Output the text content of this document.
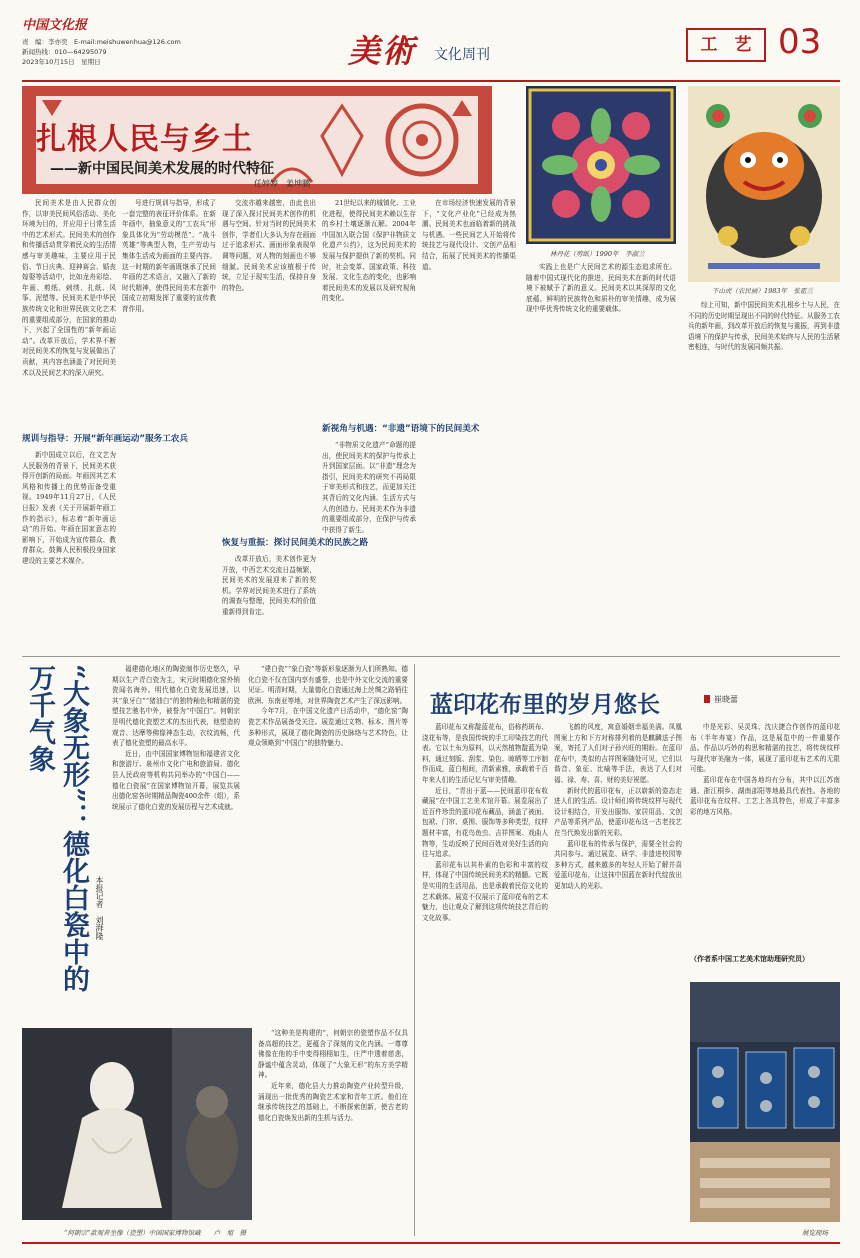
中国文化报
责　编：李亦奕　E-mail:meishuwenhua@126.com
新闻热线：010—64295079
2023年10月15日　星期日	美術 文化周刊	工　艺 03
扎根人民与乡土
——新中国民间美术发展的时代特征
任婷婷　姜坤鹏
林丹花（剪纸）1990年　李淑兰
下山虎（农民画）1983年　张霍兰

民间美术是由人民群众创作，以审美民间风俗活动、美化环境为目的，并应用于日常生活中的艺术形式。民间美术的创作和传播活动贯穿着民众的生活情感与审美趣味，主要应用于民俗、节日庆典、迎神赛会、婚丧嫁娶等活动中，比如龙舟彩绘、年画、剪纸、刺绣、扎纸、风筝、泥塑等。民间美术是中华民族传统文化和世界民族文化艺术的重要组成部分，在国家的推动下，兴起了全国性的“新年画运动”。改革开放后，学术界不断对民间美术的恢复与发展做出了贡献，其内容也涵盖了对民间美术以及民间艺术的深入研究。

规训与指导：开展“新年画运动”服务工农兵

新中国成立以后，在文艺为人民服务的背景下，民间美术获得开创新的局面。年画因其艺术风格和传播上的优势而备受重视。1949年11月27日，《人民日报》发表《关于开展新年画工作的指示》，标志着“新年画运动”的开始。年画在国家意志的影响下，开始成为宣传群众、教育群众、鼓舞人民积极投身国家建设的主要艺术媒介。

号进行规训与指导，形成了一套完整的表征评价体系。在新年画中，抽象意义的“工农兵”形象具体化为“劳动模范”、“战斗英雄”等典型人物，生产劳动与集体生活成为画面的主要内容。这一时期的新年画既继承了民间年画的艺术语言，又融入了新的时代精神，使得民间美术在新中国成立初期发挥了重要的宣传教育作用。

交流亦越来越密，由此也出现了深入探讨民间美术创作的机遇与空间。针对当时的民间美术创作，学者们大多认为存在画面过于追求形式、画面形象表现单调等问题，对人物的刻画也不够细腻。民间美术应该植根于传统，立足于现实生活，保持自身的特色。

恢复与重振：探讨民间美术的民族之路

改革开放后，美术创作更为开放，中西艺术交流日益频繁，民间美术的发展迎来了新的契机。学界对民间美术进行了系统的调查与整理，民间美术的价值重新得到肯定。

21世纪以来的城镇化、工业化进程，使得民间美术赖以生存的乡村土壤逐渐瓦解。2004年中国加入联合国《保护非物质文化遗产公约》，这为民间美术的发展与保护提供了新的契机。同时，社会变革、国家政策、科技发展、文化生态的变化，也影响着民间美术的发展以及研究视角的变化。

新视角与机遇：“非遗”语境下的民间美术

“非物质文化遗产”命题的提出，使民间美术的保护与传承上升到国家层面。以“非遗”理念为指引，民间美术的研究不再局限于审美形式和技艺，而更加关注其背后的文化内涵、生活方式与人的创造力。民间美术作为非遗的重要组成部分，在保护与传承中获得了新生。

在市场经济快速发展的背景下，“文化产业化”已经成为热潮。民间美术也面临着新的挑战与机遇。一些民间艺人开始将传统技艺与现代设计、文创产品相结合，拓展了民间美术的传播渠道。	实践上也是广大民间艺术的源生态追求所在。随着中国式现代化的推进，民间美术在新的时代语境下被赋予了新的意义。民间美术以其深厚的文化底蕴、鲜明的民族特色和质朴的审美情趣，成为展现中华优秀传统文化的重要载体。

综上可知，新中国民间美术扎根乡土与人民，在不同的历史时期呈现出不同的时代特征。从服务工农兵的新年画，到改革开放后的恢复与重振，再到非遗语境下的保护与传承，民间美术始终与人民的生活紧密相连，与时代的发展同频共振。

“大象无形”：德化白瓷中的万千气象
本报记者　刘湃隆

福建德化地区的陶瓷制作历史悠久，早期以生产青白瓷为主，宋元时期德化窑外销瓷闻名海外。明代德化白瓷发展迅速，以其“象牙白”“猪油白”的独特釉色和精湛的瓷塑技艺驰名中外，被誉为“中国白”。何朝宗是明代德化瓷塑艺术的杰出代表，他塑造的观音、达摩等佛像神态生动，衣纹流畅，代表了德化瓷塑的最高水平。

近日，由中国国家博物馆和福建省文化和旅游厅、泉州市文化广电和旅游局、德化县人民政府等机构共同举办的“中国白——德化白瓷展”在国家博物馆开幕，展览共展出德化窑各时期精品陶瓷400余件（组），系统展示了德化白瓷的发展历程与艺术成就。

“建白瓷”“象白瓷”等新形象逐渐为人们所熟知。德化白瓷不仅在国内享有盛誉，也是中外文化交流的重要见证。明清时期，大量德化白瓷通过海上丝绸之路销往欧洲、东南亚等地，对世界陶瓷艺术产生了深远影响。

今年7月，在中国文化遗产日活动中，“德化窑”陶瓷艺术作品展备受关注。展览通过文物、标本、图片等多种形式，展现了德化陶瓷的历史脉络与艺术特色，让观众领略到“中国白”的独特魅力。

“这种美是构建的”，何朝宗的瓷塑作品不仅具备高超的技艺，更蕴含了深刻的文化内涵。一尊尊佛像在他的手中变得栩栩如生，庄严中透着慈悲，静谧中蕴含灵动，体现了“大象无形”的东方美学精神。

近年来，德化县大力推动陶瓷产业转型升级，涌现出一批优秀的陶瓷艺术家和青年工匠。他们在继承传统技艺的基础上，不断探索创新，使古老的德化白瓷焕发出新的生机与活力。

“何朝宗”款观音坐像（瓷塑）中国国家博物馆藏　　卢　旭　摄
蓝印花布里的岁月悠长	崔晓蕾

蓝印花布又称靛蓝花布，俗称药斑布、浇花布等，是我国传统的手工印染技艺的代表。它以土布为原料，以天然植物靛蓝为染料，通过刻版、刮浆、染色、晾晒等工序制作而成，蓝白相间，清新素雅，承载着千百年来人们的生活记忆与审美情趣。

近日，“青出于蓝——民间蓝印花布收藏展”在中国工艺美术馆开幕。展览展出了近百件珍贵的蓝印花布藏品，涵盖了被面、包袱、门帘、桌围、服饰等多种类型，纹样题材丰富，有花鸟鱼虫、吉祥图案、戏曲人物等，生动反映了民间百姓对美好生活的向往与追求。

蓝印花布以其朴素的色彩和丰富的纹样，体现了中国传统民间美术的精髓。它既是实用的生活用品，也是承载着民俗文化的艺术载体。展览不仅展示了蓝印花布的艺术魅力，也让观众了解到这项传统技艺背后的文化故事。

飞鹤的风度，寓意婚姻幸福美满。凤凰图案上方和下方对称排列着的是麒麟送子图案，寄托了人们对子孙兴旺的期盼。在蓝印花布中，类似的吉祥图案随处可见，它们以谐音、象征、比喻等手法，表达了人们对福、禄、寿、喜、财的美好祝愿。

新时代的蓝印花布，正以崭新的姿态走进人们的生活。设计师们将传统纹样与现代设计相结合，开发出服饰、家居用品、文创产品等系列产品，使蓝印花布这一古老技艺在当代焕发出新的光彩。

蓝印花布的传承与保护，需要全社会的共同参与。通过展览、研学、非遗进校园等多种方式，越来越多的年轻人开始了解并喜爱蓝印花布，让这抹中国蓝在新时代绽放出更加动人的光彩。

中是光彩、吴灵珠、沈庆捷合作创作的蓝印花布（半年寿宴）作品，这是展览中的一件重要作品。作品以巧妙的构思和精湛的技艺，将传统纹样与现代审美融为一体，展现了蓝印花布艺术的无限可能。

蓝印花布在中国各地均有分布，其中以江苏南通、浙江桐乡、湖南邵阳等地最具代表性。各地的蓝印花布在纹样、工艺上各具特色，形成了丰富多彩的地方风格。

（作者系中国工艺美术馆助理研究员）
展览现场
